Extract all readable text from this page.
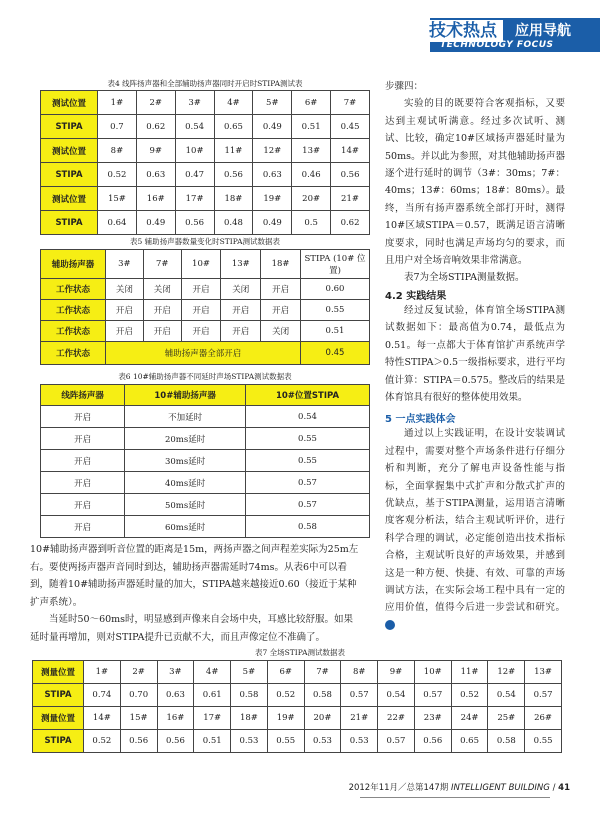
技术热点	应用导航
TECHNOLOGY FOCUS
表4 线阵扬声器和全部辅助扬声器同时开启时STIPA测试表
测试位置	1#	2#	3#	4#	5#	6#	7#
STIPA	0.7	0.62	0.54	0.65	0.49	0.51	0.45
测试位置	8#	9#	10#	11#	12#	13#	14#
STIPA	0.52	0.63	0.47	0.56	0.63	0.46	0.56
测试位置	15#	16#	17#	18#	19#	20#	21#
STIPA	0.64	0.49	0.56	0.48	0.49	0.5	0.62
表5 辅助扬声器数量变化时STIPA测试数据表
辅助扬声器	3#	7#	10#	13#	18#	STIPA (10# 位置)
工作状态	关闭	关闭	开启	关闭	开启	0.60
工作状态	开启	开启	开启	开启	开启	0.55
工作状态	开启	开启	开启	开启	关闭	0.51
工作状态	辅助扬声器全部开启					0.45
表6 10#辅助扬声器不同延时声场STIPA测试数据表
线阵扬声器	10#辅助扬声器	10#位置STIPA
开启	不加延时	0.54
开启	20ms延时	0.55
开启	30ms延时	0.55
开启	40ms延时	0.57
开启	50ms延时	0.57
开启	60ms延时	0.58
10#辅助扬声器到听音位置的距离是15m，两扬声器之间声程差实际为25m左右。要使两扬声器声音同时到达，辅助扬声器需延时74ms。从表6中可以看到，随着10#辅助扬声器延时量的加大，STIPA越来越接近0.60（接近于某种扩声系统）。
当延时50～60ms时，明显感到声像来自会场中央，耳感比较舒服。如果延时量再增加，则对STIPA提升已贡献不大，而且声像定位不准确了。
步骤四：
实验的目的既要符合客观指标，又要达到主观试听满意。经过多次试听、测试、比较，确定10#区域扬声器延时量为50ms。并以此为参照，对其他辅助扬声器逐个进行延时的调节（3#：30ms；7#：40ms；13#：60ms；18#：80ms）。最终，当所有扬声器系统全部打开时，测得10#区域STIPA＝0.57，既满足语言清晰度要求，同时也满足声场均匀的要求，而且用户对全场音响效果非常满意。
表7为全场STIPA测量数据。
4.2 实践结果
经过反复试验，体育馆全场STIPA测试数据如下：最高值为0.74，最低点为0.51。每一点都大于体育馆扩声系统声学特性STIPA＞0.5一级指标要求，进行平均值计算：STIPA＝0.575。整改后的结果是体育馆具有很好的整体使用效果。
5 一点实践体会
通过以上实践证明，在设计安装调试过程中，需要对整个声场条件进行仔细分析和判断，充分了解电声设备性能与指标，全面掌握集中式扩声和分散式扩声的优缺点，基于STIPA测量，运用语言清晰度客观分析法，结合主观试听评价，进行科学合理的调试，必定能创造出技术指标合格，主观试听良好的声场效果，并感到这是一种方便、快捷、有效、可靠的声场调试方法，在实际会场工程中具有一定的应用价值，值得今后进一步尝试和研究。
表7 全场STIPA测试数据表
测量位置	1#	2#	3#	4#	5#	6#	7#	8#	9#	10#	11#	12#	13#
STIPA	0.74	0.70	0.63	0.61	0.58	0.52	0.58	0.57	0.54	0.57	0.52	0.54	0.57
测量位置	14#	15#	16#	17#	18#	19#	20#	21#	22#	23#	24#	25#	26#
STIPA	0.52	0.56	0.56	0.51	0.53	0.55	0.53	0.53	0.57	0.56	0.65	0.58	0.55
2012年11月／总第147期 INTELLIGENT BUILDING / 41
